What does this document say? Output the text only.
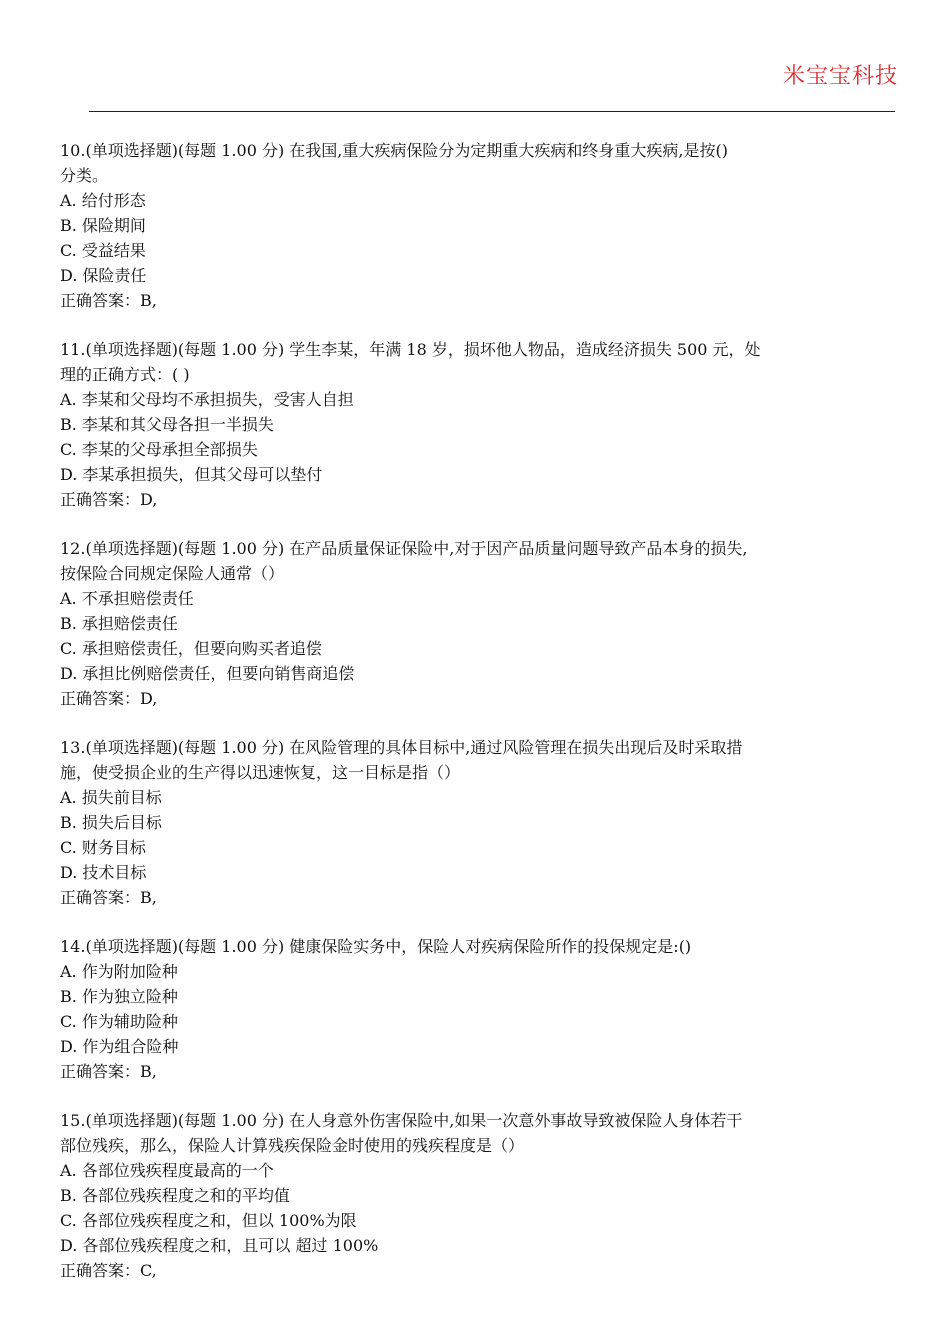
米宝宝科技
10.(单项选择题)(每题 1.00 分) 在我国,重大疾病保险分为定期重大疾病和终身重大疾病,是按()
分类。
A. 给付形态
B. 保险期间
C. 受益结果
D. 保险责任
正确答案：B,
11.(单项选择题)(每题 1.00 分) 学生李某，年满 18 岁，损坏他人物品，造成经济损失 500 元，处
理的正确方式：( )
A. 李某和父母均不承担损失，受害人自担
B. 李某和其父母各担一半损失
C. 李某的父母承担全部损失
D. 李某承担损失，但其父母可以垫付
正确答案：D,
12.(单项选择题)(每题 1.00 分) 在产品质量保证保险中,对于因产品质量问题导致产品本身的损失,
按保险合同规定保险人通常（）
A. 不承担赔偿责任
B. 承担赔偿责任
C. 承担赔偿责任，但要向购买者追偿
D. 承担比例赔偿责任，但要向销售商追偿
正确答案：D,
13.(单项选择题)(每题 1.00 分) 在风险管理的具体目标中,通过风险管理在损失出现后及时采取措
施，使受损企业的生产得以迅速恢复，这一目标是指（）
A. 损失前目标
B. 损失后目标
C. 财务目标
D. 技术目标
正确答案：B,
14.(单项选择题)(每题 1.00 分) 健康保险实务中，保险人对疾病保险所作的投保规定是:()
A. 作为附加险种
B. 作为独立险种
C. 作为辅助险种
D. 作为组合险种
正确答案：B,
15.(单项选择题)(每题 1.00 分) 在人身意外伤害保险中,如果一次意外事故导致被保险人身体若干
部位残疾，那么，保险人计算残疾保险金时使用的残疾程度是（）
A. 各部位残疾程度最高的一个
B. 各部位残疾程度之和的平均值
C. 各部位残疾程度之和，但以 100%为限
D. 各部位残疾程度之和，且可以 超过 100%
正确答案：C,
